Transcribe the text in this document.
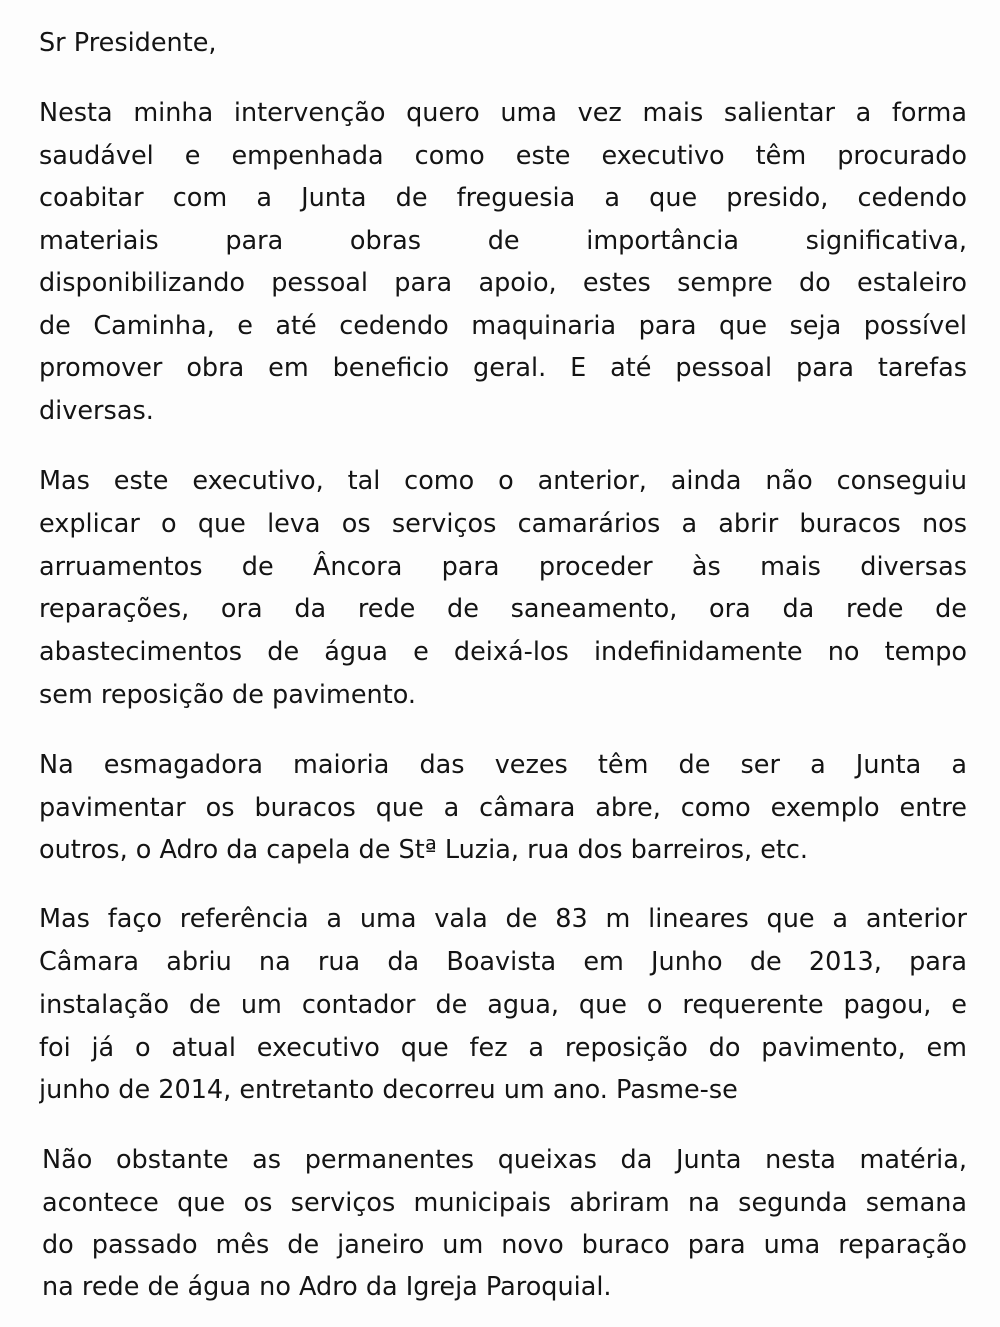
Sr Presidente,

Nesta minha intervenção quero uma vez mais salientar a forma

saudável e empenhada como este executivo têm procurado

coabitar com a Junta de freguesia a que presido, cedendo

materiais para obras de importância significativa,

disponibilizando pessoal para apoio, estes sempre do estaleiro

de Caminha, e até cedendo maquinaria para que seja possível

promover obra em beneficio geral. E até pessoal para tarefas

diversas.

Mas este executivo, tal como o anterior, ainda não conseguiu

explicar o que leva os serviços camarários a abrir buracos nos

arruamentos de Âncora para proceder às mais diversas

reparações, ora da rede de saneamento, ora da rede de

abastecimentos de água e deixá-los indefinidamente no tempo

sem reposição de pavimento.

Na esmagadora maioria das vezes têm de ser a Junta a

pavimentar os buracos que a câmara abre, como exemplo entre

outros, o Adro da capela de Stª Luzia, rua dos barreiros, etc.

Mas faço referência a uma vala de 83 m lineares que a anterior

Câmara abriu na rua da Boavista em Junho de 2013, para

instalação de um contador de agua, que o requerente pagou, e

foi já o atual executivo que fez a reposição do pavimento, em

junho de 2014, entretanto decorreu um ano. Pasme-se

Não obstante as permanentes queixas da Junta nesta matéria,

acontece que os serviços municipais abriram na segunda semana

do passado mês de janeiro um novo buraco para uma reparação

na rede de água no Adro da Igreja Paroquial.
